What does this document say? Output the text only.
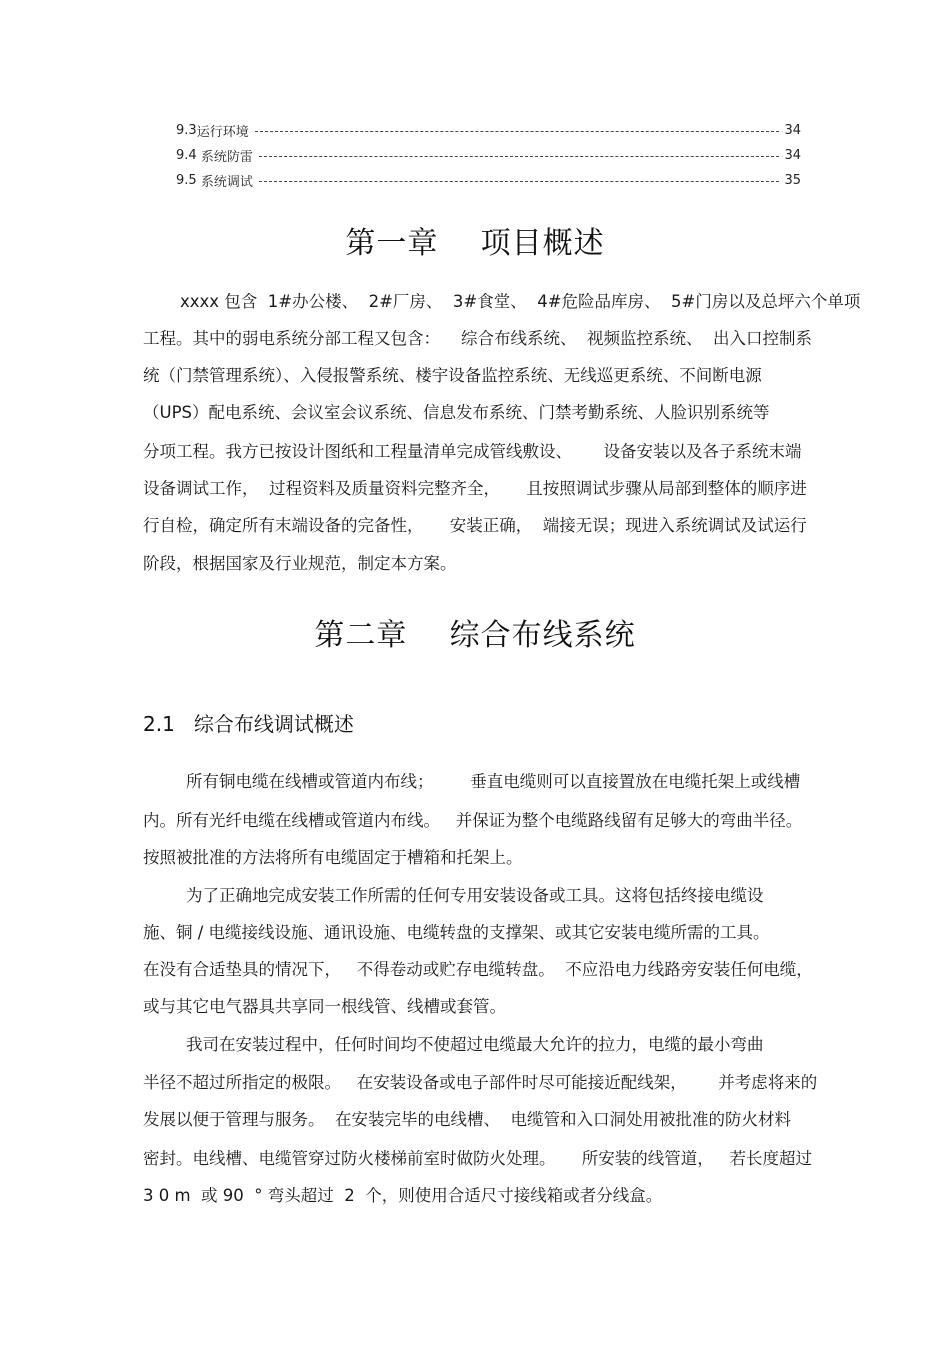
9.3 运行环境	34
9.4 系统防雷	34
9.5 系统调试	35
第一章    项目概述
xxxx 包含  1#办公楼、  2#厂房、  3#食堂、  4#危险品库房、  5#门房以及总坪六个单项
工程。其中的弱电系统分部工程又包含：    综合布线系统、  视频监控系统、  出入口控制系
统（门禁管理系统）、入侵报警系统、楼宇设备监控系统、无线巡更系统、不间断电源
（UPS）配电系统、会议室会议系统、信息发布系统、门禁考勤系统、人脸识别系统等
分项工程。我方已按设计图纸和工程量清单完成管线敷设、      设备安装以及各子系统末端
设备调试工作，  过程资料及质量资料完整齐全，     且按照调试步骤从局部到整体的顺序进
行自检，确定所有末端设备的完备性，     安装正确，  端接无误；现进入系统调试及试运行
阶段，根据国家及行业规范，制定本方案。
第二章    综合布线系统
2.1   综合布线调试概述
所有铜电缆在线槽或管道内布线；       垂直电缆则可以直接置放在电缆托架上或线槽
内。所有光纤电缆在线槽或管道内布线。   并保证为整个电缆路线留有足够大的弯曲半径。
按照被批准的方法将所有电缆固定于槽箱和托架上。
为了正确地完成安装工作所需的任何专用安装设备或工具。这将包括终接电缆设
施、铜 / 电缆接线设施、通讯设施、电缆转盘的支撑架、或其它安装电缆所需的工具。
在没有合适垫具的情况下，   不得卷动或贮存电缆转盘。  不应沿电力线路旁安装任何电缆，
或与其它电气器具共享同一根线管、线槽或套管。
我司在安装过程中，任何时间均不使超过电缆最大允许的拉力，电缆的最小弯曲
半径不超过所指定的极限。   在安装设备或电子部件时尽可能接近配线架，      并考虑将来的
发展以便于管理与服务。  在安装完毕的电线槽、  电缆管和入口洞处用被批准的防火材料
密封。电线槽、电缆管穿过防火楼梯前室时做防火处理。     所安装的线管道，   若长度超过
3 0 m  或 90  ° 弯头超过  2  个，则使用合适尺寸接线箱或者分线盒。
